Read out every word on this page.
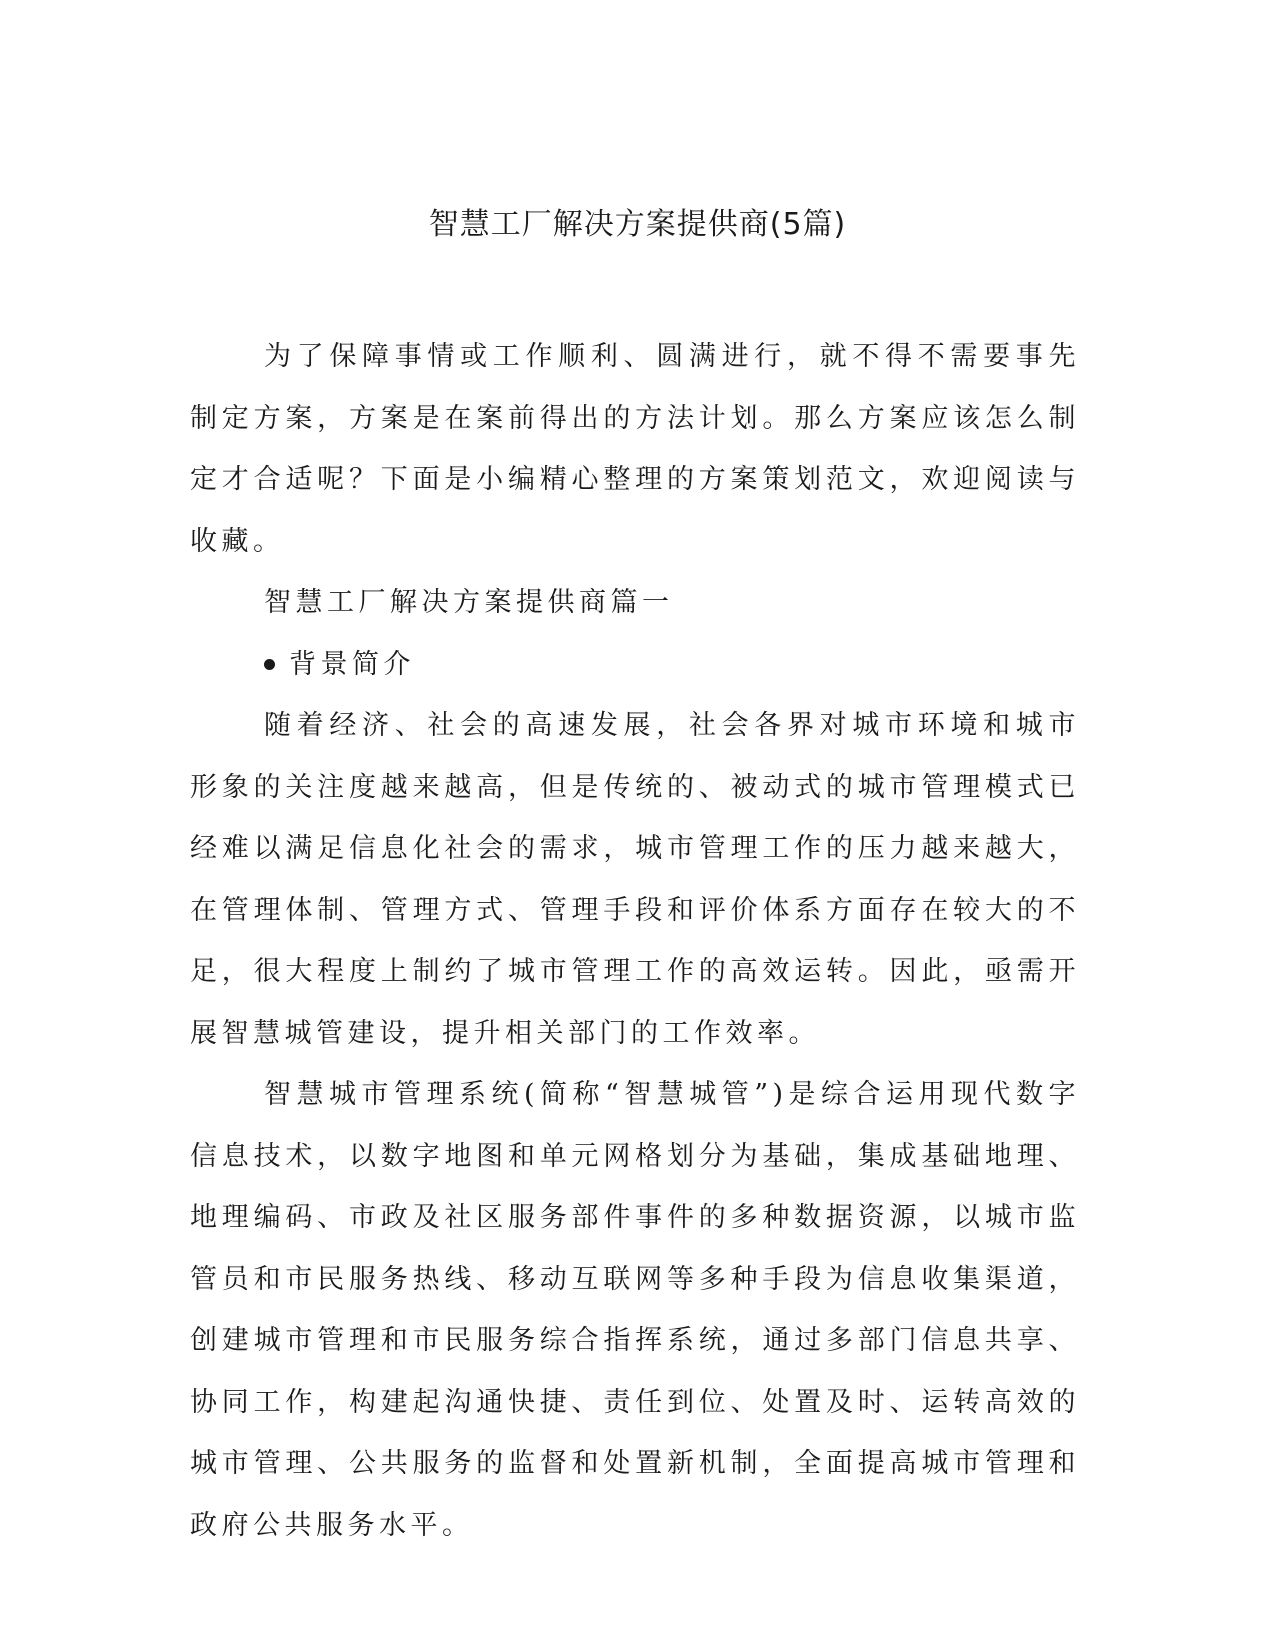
智慧工厂解决方案提供商(5篇)

为了保障事情或工作顺利、圆满进行，就不得不需要事先制定方案，方案是在案前得出的方法计划。那么方案应该怎么制定才合适呢？下面是小编精心整理的方案策划范文，欢迎阅读与收藏。

智慧工厂解决方案提供商篇一

背景简介

随着经济、社会的高速发展，社会各界对城市环境和城市形象的关注度越来越高，但是传统的、被动式的城市管理模式已经难以满足信息化社会的需求，城市管理工作的压力越来越大，在管理体制、管理方式、管理手段和评价体系方面存在较大的不足，很大程度上制约了城市管理工作的高效运转。因此，亟需开展智慧城管建设，提升相关部门的工作效率。

智慧城市管理系统(简称“智慧城管”)是综合运用现代数字信息技术，以数字地图和单元网格划分为基础，集成基础地理、地理编码、市政及社区服务部件事件的多种数据资源，以城市监管员和市民服务热线、移动互联网等多种手段为信息收集渠道，创建城市管理和市民服务综合指挥系统，通过多部门信息共享、协同工作，构建起沟通快捷、责任到位、处置及时、运转高效的城市管理、公共服务的监督和处置新机制，全面提高城市管理和政府公共服务水平。
